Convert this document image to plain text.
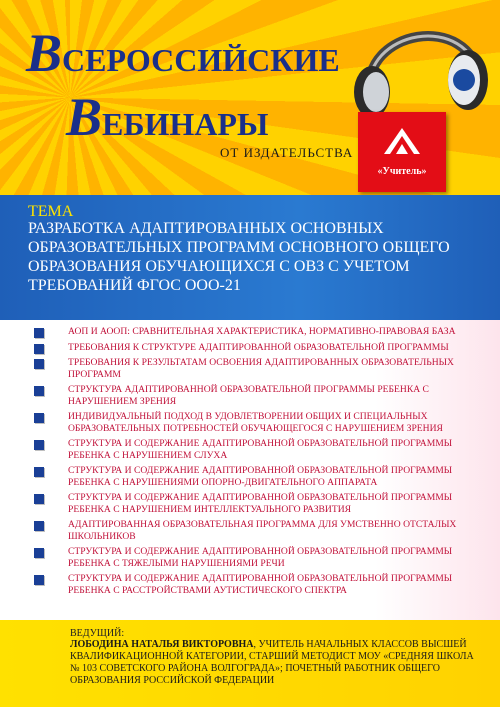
ВСЕРОССИЙСКИЕ
ВЕБИНАРЫ
ОТ ИЗДАТЕЛЬСТВА
«Учитель»
ТЕМА
РАЗРАБОТКА АДАПТИРОВАННЫХ ОСНОВНЫХ ОБРАЗОВАТЕЛЬНЫХ ПРОГРАММ ОСНОВНОГО ОБЩЕГО ОБРАЗОВАНИЯ ОБУЧАЮЩИХСЯ С ОВЗ С УЧЕТОМ ТРЕБОВАНИЙ ФГОС ООО-21
АОП И АООП: СРАВНИТЕЛЬНАЯ ХАРАКТЕРИСТИКА, НОРМАТИВНО-ПРАВОВАЯ БАЗА
ТРЕБОВАНИЯ К СТРУКТУРЕ АДАПТИРОВАННОЙ ОБРАЗОВАТЕЛЬНОЙ ПРОГРАММЫ
ТРЕБОВАНИЯ К РЕЗУЛЬТАТАМ ОСВОЕНИЯ АДАПТИРОВАННЫХ ОБРАЗОВАТЕЛЬНЫХ ПРОГРАММ
СТРУКТУРА АДАПТИРОВАННОЙ ОБРАЗОВАТЕЛЬНОЙ ПРОГРАММЫ РЕБЕНКА С НАРУШЕНИЕМ ЗРЕНИЯ
ИНДИВИДУАЛЬНЫЙ ПОДХОД В УДОВЛЕТВОРЕНИИ ОБЩИХ И СПЕЦИАЛЬНЫХ ОБРАЗОВАТЕЛЬНЫХ ПОТРЕБНОСТЕЙ ОБУЧАЮЩЕГОСЯ С НАРУШЕНИЕМ ЗРЕНИЯ
СТРУКТУРА И СОДЕРЖАНИЕ АДАПТИРОВАННОЙ ОБРАЗОВАТЕЛЬНОЙ ПРОГРАММЫ РЕБЕНКА С НАРУШЕНИЕМ СЛУХА
СТРУКТУРА И СОДЕРЖАНИЕ АДАПТИРОВАННОЙ ОБРАЗОВАТЕЛЬНОЙ ПРОГРАММЫ РЕБЕНКА С НАРУШЕНИЯМИ ОПОРНО-ДВИГАТЕЛЬНОГО АППАРАТА
СТРУКТУРА И СОДЕРЖАНИЕ АДАПТИРОВАННОЙ ОБРАЗОВАТЕЛЬНОЙ ПРОГРАММЫ РЕБЕНКА С НАРУШЕНИЕМ ИНТЕЛЛЕКТУАЛЬНОГО РАЗВИТИЯ
АДАПТИРОВАННАЯ ОБРАЗОВАТЕЛЬНАЯ ПРОГРАММА ДЛЯ УМСТВЕННО ОТСТАЛЫХ ШКОЛЬНИКОВ
СТРУКТУРА И СОДЕРЖАНИЕ АДАПТИРОВАННОЙ ОБРАЗОВАТЕЛЬНОЙ ПРОГРАММЫ РЕБЕНКА С ТЯЖЕЛЫМИ НАРУШЕНИЯМИ РЕЧИ
СТРУКТУРА И СОДЕРЖАНИЕ АДАПТИРОВАННОЙ ОБРАЗОВАТЕЛЬНОЙ ПРОГРАММЫ РЕБЕНКА С РАССТРОЙСТВАМИ АУТИСТИЧЕСКОГО СПЕКТРА
ВЕДУЩИЙ:
ЛОБОДИНА НАТАЛЬЯ ВИКТОРОВНА, УЧИТЕЛЬ НАЧАЛЬНЫХ КЛАССОВ ВЫСШЕЙ КВАЛИФИКАЦИОННОЙ КАТЕГОРИИ, СТАРШИЙ МЕТОДИСТ МОУ «СРЕДНЯЯ ШКОЛА № 103 СОВЕТСКОГО РАЙОНА ВОЛГОГРАДА»; ПОЧЕТНЫЙ РАБОТНИК ОБЩЕГО ОБРАЗОВАНИЯ РОССИЙСКОЙ ФЕДЕРАЦИИ
